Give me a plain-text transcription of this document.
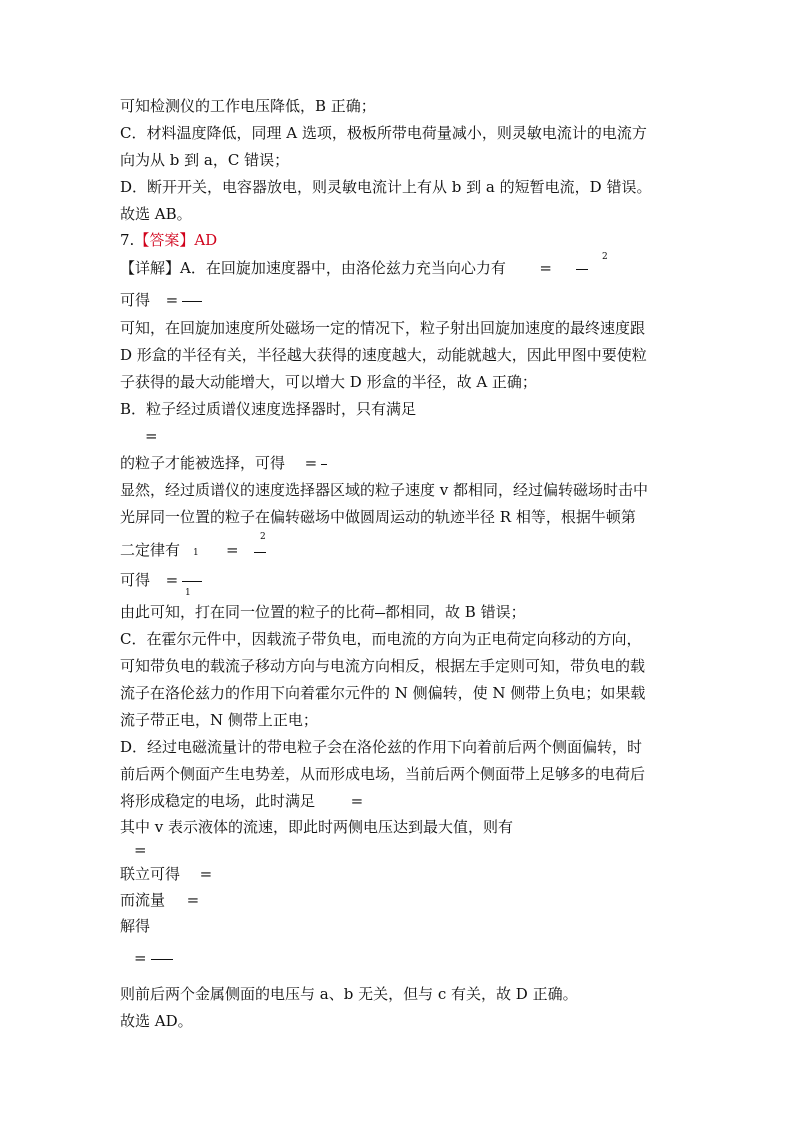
可知检测仪的工作电压降低，B 正确；
C．材料温度降低，同理 A 选项，极板所带电荷量减小，则灵敏电流计的电流方
向为从 b 到 a，C 错误；
D．断开开关，电容器放电，则灵敏电流计上有从 b 到 a 的短暂电流，D 错误。
故选 AB。
7.【答案】AD
【详解】A．在回旋加速度器中，由洛伦兹力充当向心力有 =
2
可得 =
可知，在回旋加速度所处磁场一定的情况下，粒子射出回旋加速度的最终速度跟
D 形盒的半径有关，半径越大获得的速度越大，动能就越大，因此甲图中要使粒
子获得的最大动能增大，可以增大 D 形盒的半径，故 A 正确；
B．粒子经过质谱仪速度选择器时，只有满足
=
的粒子才能被选择，可得 =
显然，经过质谱仪的速度选择器区域的粒子速度 v 都相同，经过偏转磁场时击中
光屏同一位置的粒子在偏转磁场中做圆周运动的轨迹半径 R 相等，根据牛顿第
二定律有 1 =
2
可得 =
1
由此可知，打在同一位置的粒子的比荷 都相同，故 B 错误；
C．在霍尔元件中，因载流子带负电，而电流的方向为正电荷定向移动的方向，
可知带负电的载流子移动方向与电流方向相反，根据左手定则可知，带负电的载
流子在洛伦兹力的作用下向着霍尔元件的 N 侧偏转，使 N 侧带上负电；如果载
流子带正电，N 侧带上正电；
D．经过电磁流量计的带电粒子会在洛伦兹的作用下向着前后两个侧面偏转，时
前后两个侧面产生电势差，从而形成电场，当前后两个侧面带上足够多的电荷后
将形成稳定的电场，此时满足 =
其中 v 表示液体的流速，即此时两侧电压达到最大值，则有
=
联立可得 =
而流量 =
解得
=
则前后两个金属侧面的电压与 a、b 无关，但与 c 有关，故 D 正确。
故选 AD。
